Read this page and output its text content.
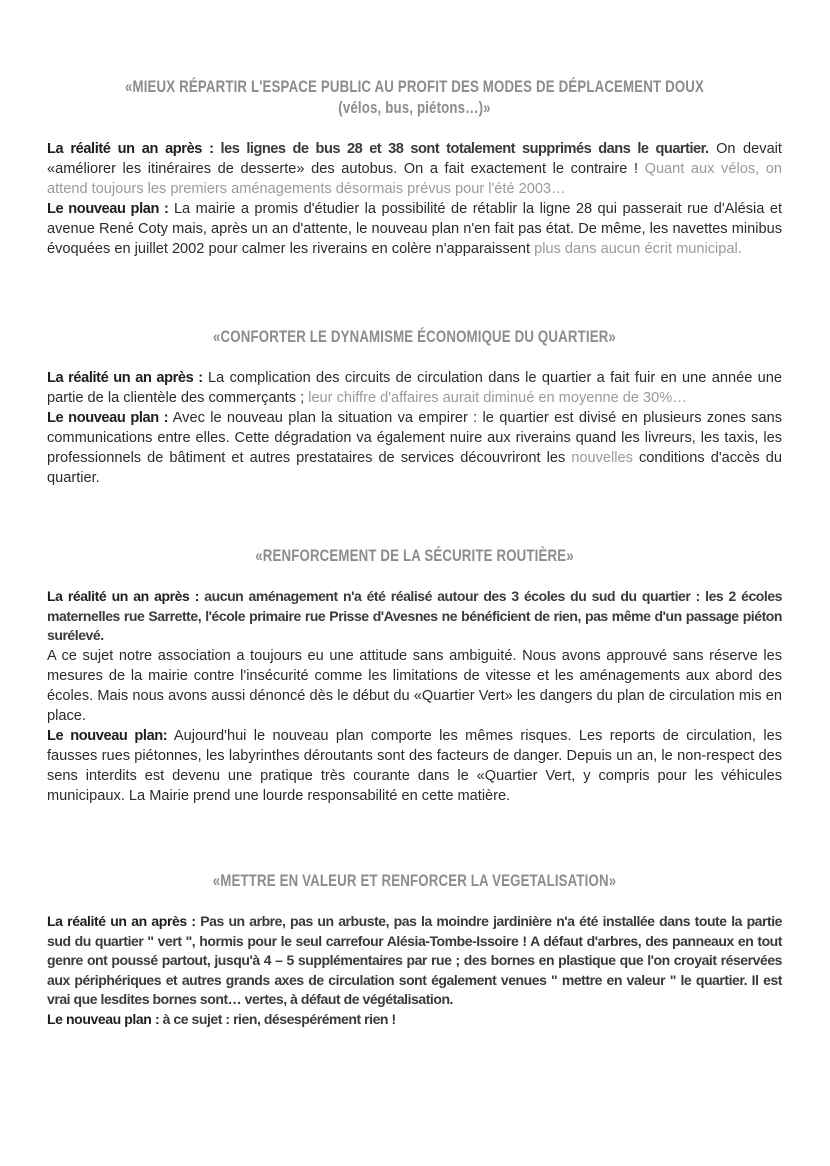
«MIEUX RÉPARTIR L'ESPACE PUBLIC AU PROFIT DES MODES DE DÉPLACEMENT DOUX
(vélos, bus, piétons…)»

La réalité un an après : les lignes de bus 28 et 38 sont totalement supprimés dans le quartier. On devait «améliorer les itinéraires de desserte» des autobus. On a fait exactement le contraire ! Quant aux vélos, on attend toujours les premiers aménagements désormais prévus pour l'été 2003…

Le nouveau plan : La mairie a promis d'étudier la possibilité de rétablir la ligne 28 qui passerait rue d'Alésia et avenue René Coty mais, après un an d'attente, le nouveau plan n'en fait pas état. De même, les navettes minibus évoquées en juillet 2002 pour calmer les riverains en colère n'apparaissent plus dans aucun écrit municipal.

«CONFORTER LE DYNAMISME ÉCONOMIQUE DU QUARTIER»

La réalité un an après : La complication des circuits de circulation dans le quartier a fait fuir en une année une partie de la clientèle des commerçants ; leur chiffre d'affaires aurait diminué en moyenne de 30%…

Le nouveau plan : Avec le nouveau plan la situation va empirer : le quartier est divisé en plusieurs zones sans communications entre elles. Cette dégradation va également nuire aux riverains quand les livreurs, les taxis, les professionnels de bâtiment et autres prestataires de services découvriront les nouvelles conditions d'accès du quartier.

«RENFORCEMENT DE LA SÉCURITE ROUTIÈRE»

La réalité un an après : aucun aménagement n'a été réalisé autour des 3 écoles du sud du quartier : les 2 écoles maternelles rue Sarrette, l'école primaire rue Prisse d'Avesnes ne bénéficient de rien, pas même d'un passage piéton surélevé.

A ce sujet notre association a toujours eu une attitude sans ambiguité. Nous avons approuvé sans réserve les mesures de la mairie contre l'insécurité comme les limitations de vitesse et les aménagements aux abord des écoles. Mais nous avons aussi dénoncé dès le début du «Quartier Vert» les dangers du plan de circulation mis en place.

Le nouveau plan: Aujourd'hui le nouveau plan comporte les mêmes risques. Les reports de circulation, les fausses rues piétonnes, les labyrinthes déroutants sont des facteurs de danger. Depuis un an, le non-respect des sens interdits est devenu une pratique très courante dans le «Quartier Vert, y compris pour les véhicules municipaux. La Mairie prend une lourde responsabilité en cette matière.

«METTRE EN VALEUR ET RENFORCER LA VEGETALISATION»

La réalité un an après : Pas un arbre, pas un arbuste, pas la moindre jardinière n'a été installée dans toute la partie sud du quartier " vert ", hormis pour le seul carrefour Alésia-Tombe-Issoire ! A défaut d'arbres, des panneaux en tout genre ont poussé partout, jusqu'à 4 – 5 supplémentaires par rue ; des bornes en plastique que l'on croyait réservées aux périphériques et autres grands axes de circulation sont également venues " mettre en valeur " le quartier. Il est vrai que lesdites bornes sont… vertes, à défaut de végétalisation.

Le nouveau plan : à ce sujet : rien, désespérément rien !
